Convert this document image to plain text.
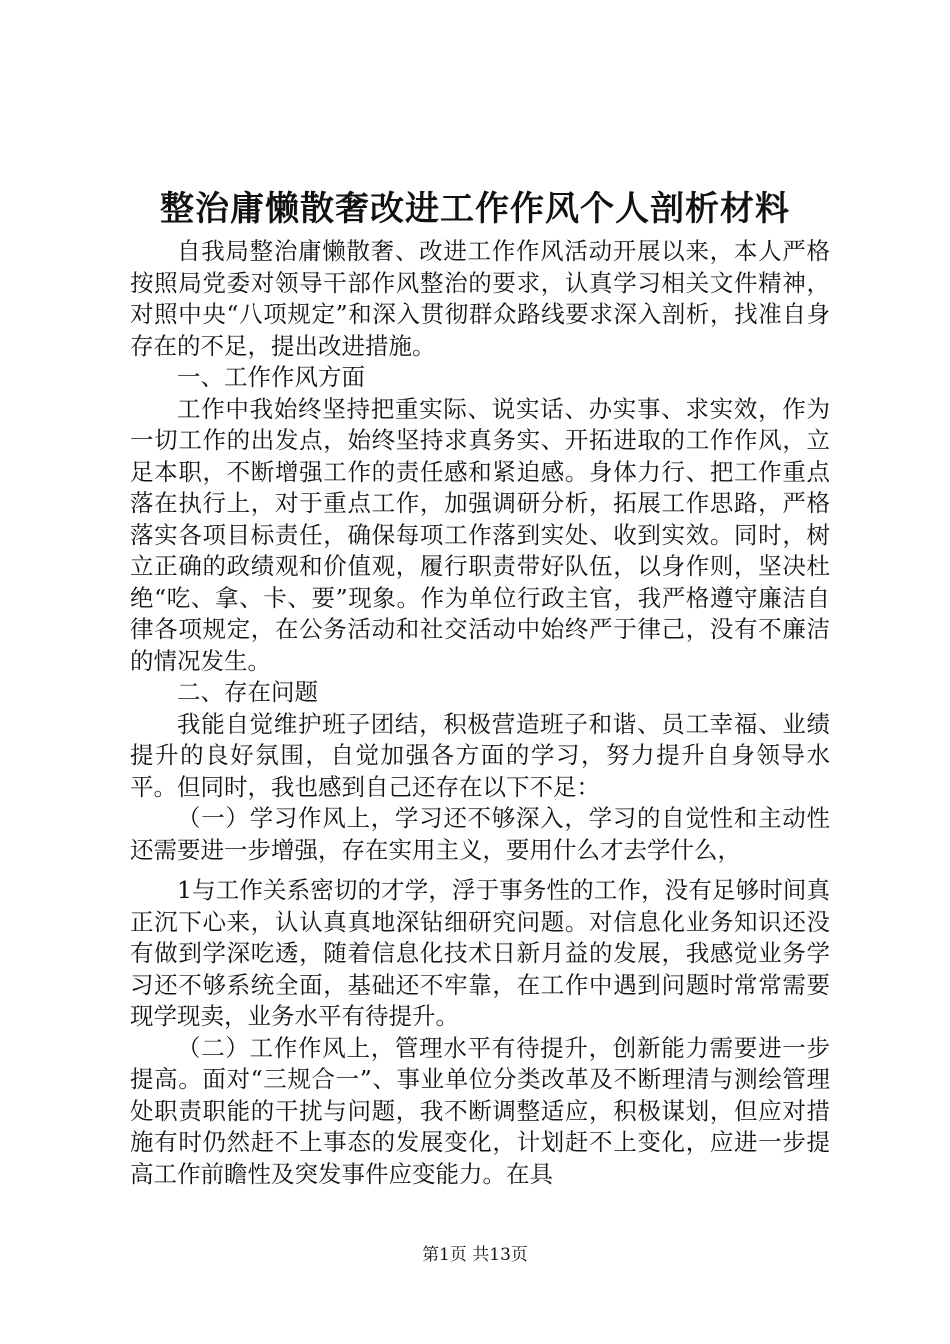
整治庸懒散奢改进工作作风个人剖析材料

自我局整治庸懒散奢、改进工作作风活动开展以来，本人严格按照局党委对领导干部作风整治的要求，认真学习相关文件精神，对照中央“八项规定”和深入贯彻群众路线要求深入剖析，找准自身存在的不足，提出改进措施。

一、工作作风方面

工作中我始终坚持把重实际、说实话、办实事、求实效，作为一切工作的出发点，始终坚持求真务实、开拓进取的工作作风，立足本职，不断增强工作的责任感和紧迫感。身体力行、把工作重点落在执行上，对于重点工作，加强调研分析，拓展工作思路，严格落实各项目标责任，确保每项工作落到实处、收到实效。同时，树立正确的政绩观和价值观，履行职责带好队伍，以身作则，坚决杜绝“吃、拿、卡、要”现象。作为单位行政主官，我严格遵守廉洁自律各项规定，在公务活动和社交活动中始终严于律己，没有不廉洁的情况发生。

二、存在问题

我能自觉维护班子团结，积极营造班子和谐、员工幸福、业绩提升的良好氛围，自觉加强各方面的学习，努力提升自身领导水平。但同时，我也感到自己还存在以下不足：

（一）学习作风上，学习还不够深入，学习的自觉性和主动性还需要进一步增强，存在实用主义，要用什么才去学什么，

1与工作关系密切的才学，浮于事务性的工作，没有足够时间真正沉下心来，认认真真地深钻细研究问题。对信息化业务知识还没有做到学深吃透，随着信息化技术日新月益的发展，我感觉业务学习还不够系统全面，基础还不牢靠，在工作中遇到问题时常常需要现学现卖，业务水平有待提升。

（二）工作作风上，管理水平有待提升，创新能力需要进一步提高。面对“三规合一”、事业单位分类改革及不断理清与测绘管理处职责职能的干扰与问题，我不断调整适应，积极谋划，但应对措施有时仍然赶不上事态的发展变化，计划赶不上变化，应进一步提高工作前瞻性及突发事件应变能力。在具

第1页 共13页
